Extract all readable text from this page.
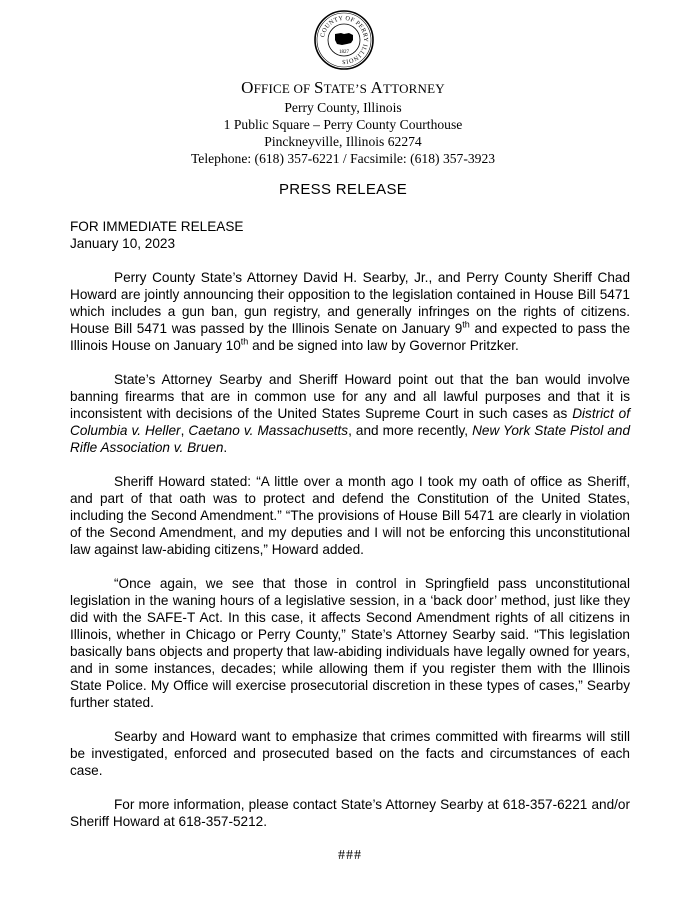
COUNTY OF PERRY ILLINOIS
1827
OFFICE OF STATE’S ATTORNEY
Perry County, Illinois
1 Public Square – Perry County Courthouse
Pinckneyville, Illinois 62274
Telephone: (618) 357-6221 / Facsimile: (618) 357-3923
PRESS RELEASE
FOR IMMEDIATE RELEASE
January 10, 2023

Perry County State’s Attorney David H. Searby, Jr., and Perry County Sheriff Chad Howard are jointly announcing their opposition to the legislation contained in House Bill 5471 which includes a gun ban, gun registry, and generally infringes on the rights of citizens. House Bill 5471 was passed by the Illinois Senate on January 9th and expected to pass the Illinois House on January 10th and be signed into law by Governor Pritzker.

State’s Attorney Searby and Sheriff Howard point out that the ban would involve banning firearms that are in common use for any and all lawful purposes and that it is inconsistent with decisions of the United States Supreme Court in such cases as District of Columbia v. Heller, Caetano v. Massachusetts, and more recently, New York State Pistol and Rifle Association v. Bruen.

Sheriff Howard stated: “A little over a month ago I took my oath of office as Sheriff, and part of that oath was to protect and defend the Constitution of the United States, including the Second Amendment.” “The provisions of House Bill 5471 are clearly in violation of the Second Amendment, and my deputies and I will not be enforcing this unconstitutional law against law-abiding citizens,” Howard added.

“Once again, we see that those in control in Springfield pass unconstitutional legislation in the waning hours of a legislative session, in a ‘back door’ method, just like they did with the SAFE-T Act. In this case, it affects Second Amendment rights of all citizens in Illinois, whether in Chicago or Perry County,” State’s Attorney Searby said. “This legislation basically bans objects and property that law-abiding individuals have legally owned for years, and in some instances, decades; while allowing them if you register them with the Illinois State Police. My Office will exercise prosecutorial discretion in these types of cases,” Searby further stated.

Searby and Howard want to emphasize that crimes committed with firearms will still be investigated, enforced and prosecuted based on the facts and circumstances of each case.

For more information, please contact State’s Attorney Searby at 618-357-6221 and/or Sheriff Howard at 618-357-5212.

###
